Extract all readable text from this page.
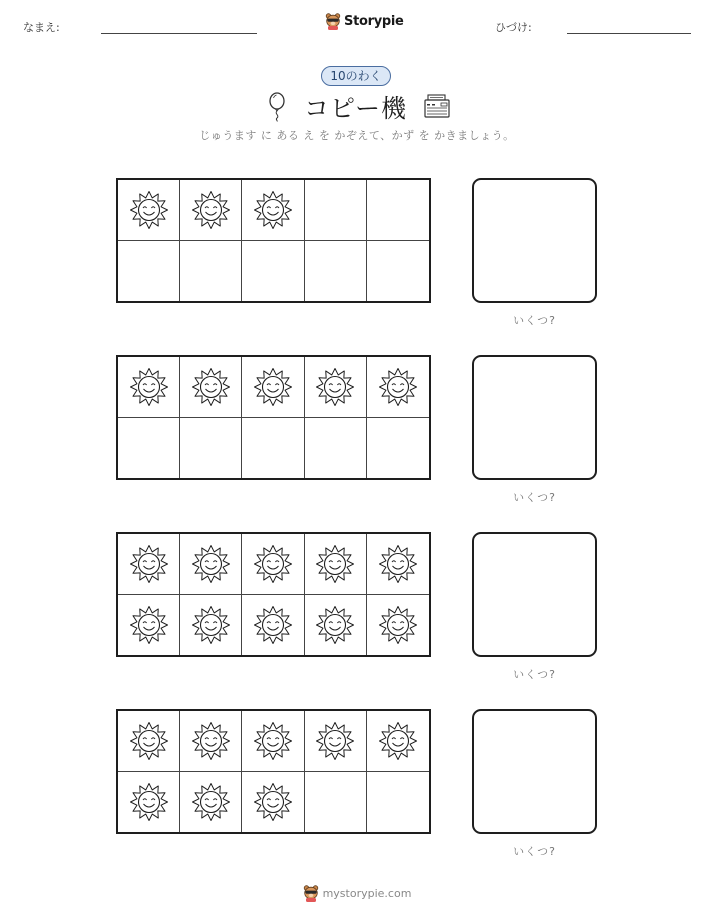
なまえ:	Storypie	ひづけ:
10のわく
コピー機
じゅうます に ある え を かぞえて、かず を かきましょう。
いくつ?
いくつ?
いくつ?
いくつ?
mystorypie.com
